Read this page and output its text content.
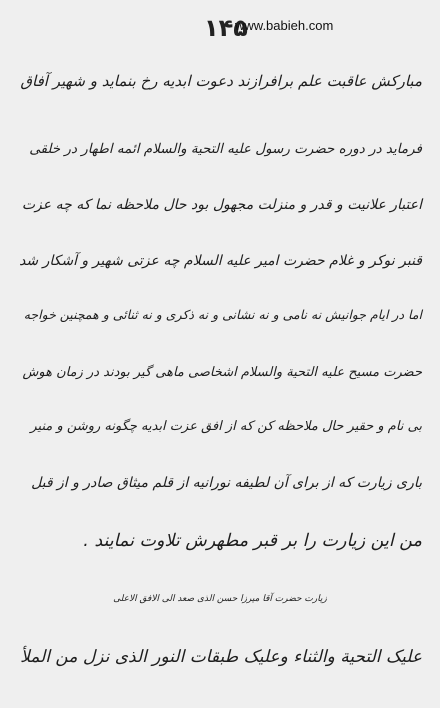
۱۴۵
www.babieh.com
مبارکش عاقبت علم برافرازند دعوت ابدیه رخ بنماید و شهیر آفاق
فرماید در دوره حضرت رسول علیه التحیة والسلام ائمه اطهار در خلقی
اعتبار علانیت و قدر و منزلت مجهول بود حال ملاحظه نما که چه عزت
قنبر نوکر و غلام حضرت امیر علیه السلام چه عزتی شهیر و آشکار شد
اما در ایام جوانیش نه نامی و نه نشانی و نه ذکری و نه ثنائی و همچنین خواجه
حضرت مسیح علیه التحیة والسلام اشخاصی ماهی گیر بودند در زمان هوش
بی نام و حقیر حال ملاحظه کن که از افق عزت ابدیه چگونه روشن و منیر
باری زیارت که از برای آن لطیفه نورانیه از قلم میثاق صادر و از قبل
من این زیارت را بر قبر مطهرش تلاوت نمایند .
زیارت حضرت آقا میرزا حسن الذی صعد الی الافق الاعلی
علیک التحیة والثناء وعلیک طبقات النور الذی نزل من الملأ
